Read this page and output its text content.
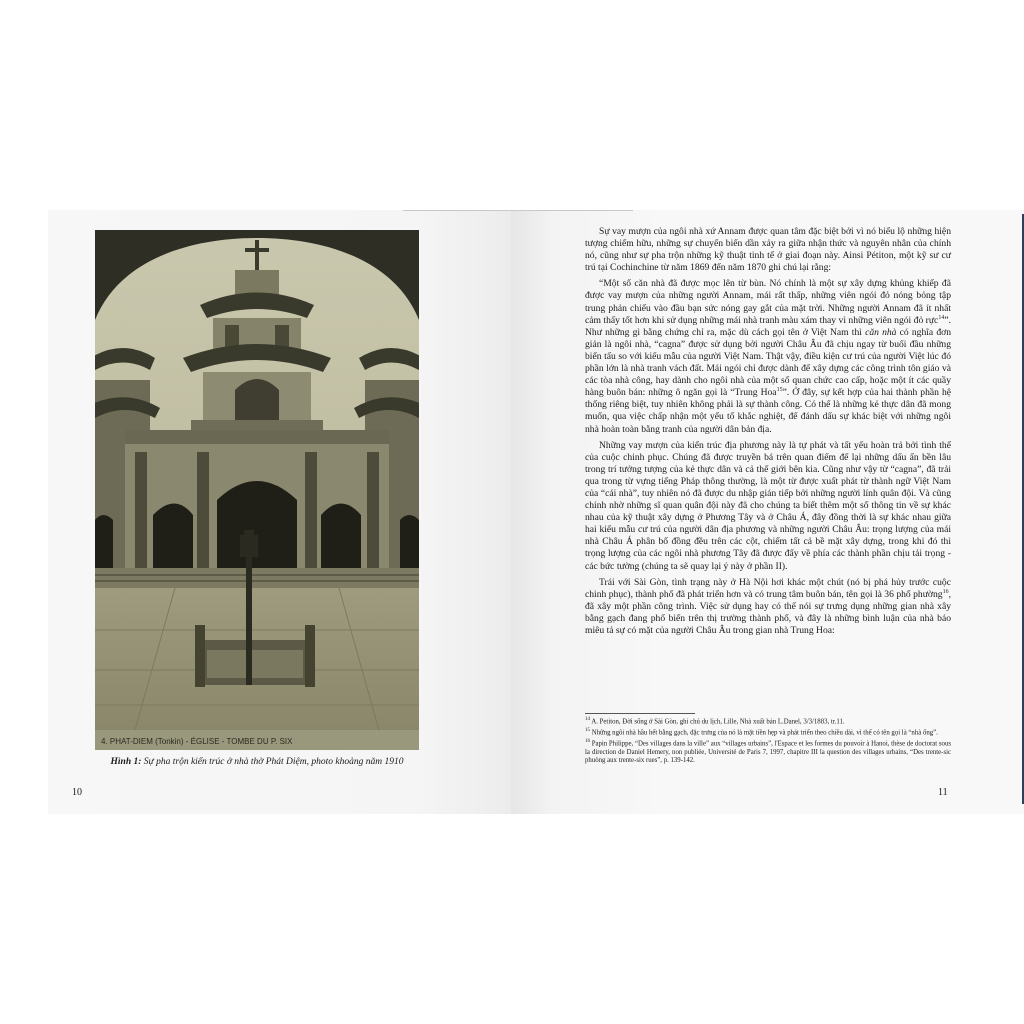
4. PHAT-DIEM (Tonkin) - ÉGLISE - TOMBE DU P. SIX
Hình 1: Sự pha trộn kiến trúc ở nhà thờ Phát Diệm, photo khoảng năm 1910
10

Sự vay mượn của ngôi nhà xứ Annam được quan tâm đặc biệt bởi vì nó biểu lộ những hiện tượng chiếm hữu, những sự chuyển biến dần xảy ra giữa nhận thức và nguyên nhân của chính nó, cũng như sự pha trộn những kỹ thuật tinh tế ở giai đoạn này. Ainsi Pétiton, một kỹ sư cư trú tại Cochinchine từ năm 1869 đến năm 1870 ghi chú lại rằng:

“Một số căn nhà đã được mọc lên từ bùn. Nó chính là một sự xây dựng khủng khiếp đã được vay mượn của những người Annam, mái rất thấp, những viên ngói đỏ nóng bỏng tập trung phản chiếu vào đầu bạn sức nóng gay gắt của mặt trời. Những người Annam đã ít nhất cảm thấy tốt hơn khi sử dụng những mái nhà tranh màu xám thay vì những viên ngói đỏ rực$^{14}$”. Như những gì bằng chứng chỉ ra, mặc dù cách gọi tên ở Việt Nam thì căn nhà có nghĩa đơn giản là ngôi nhà, “cagna” được sử dụng bởi người Châu Âu đã chịu ngay từ buổi đầu những biến tấu so với kiểu mẫu của người Việt Nam. Thật vậy, điều kiện cư trú của người Việt lúc đó phần lớn là nhà tranh vách đất. Mái ngói chỉ được dành để xây dựng các công trình tôn giáo và các tòa nhà công, hay dành cho ngôi nhà của một số quan chức cao cấp, hoặc một ít các quầy hàng buôn bán: những ô ngăn gọi là “Trung Hoa$^{15}$”. Ở đây, sự kết hợp của hai thành phần hệ thống riêng biệt, tuy nhiên không phải là sự thành công. Có thể là những kẻ thực dân đã mong muốn, qua việc chấp nhận một yếu tố khắc nghiệt, để đánh dấu sự khác biệt với những ngôi nhà hoàn toàn bằng tranh của người dân bản địa.

Những vay mượn của kiến trúc địa phương này là tự phát và tất yếu hoàn trả bởi tình thế của cuộc chinh phục. Chúng đã được truyền bá trên quan điểm để lại những dấu ấn bền lâu trong trí tưởng tượng của kẻ thực dân và cả thế giới bên kia. Cũng như vậy từ “cagna”, đã trải qua trong từ vựng tiếng Pháp thông thường, là một từ được xuất phát từ thành ngữ Việt Nam của “cái nhà”, tuy nhiên nó đã được du nhập gián tiếp bởi những người lính quân đội. Và cũng chính nhờ những sĩ quan quân đội này đã cho chúng ta biết thêm một số thông tin về sự khác nhau của kỹ thuật xây dựng ở Phương Tây và ở Châu Á, đây đồng thời là sự khác nhau giữa hai kiểu mẫu cư trú của người dân địa phương và những người Châu Âu: trọng lượng của mái nhà Châu Á phân bố đồng đều trên các cột, chiếm tất cả bề mặt xây dựng, trong khi đó thì trọng lượng của các ngôi nhà phương Tây đã được đẩy về phía các thành phần chịu tải trọng - các bức tường (chúng ta sẽ quay lại ý này ở phần II).

Trái với Sài Gòn, tình trạng này ở Hà Nội hơi khác một chút (nó bị phá hủy trước cuộc chinh phục), thành phố đã phát triển hơn và có trung tâm buôn bán, tên gọi là 36 phố phường$^{16}$, đã xây một phần công trình. Việc sử dụng hay có thể nói sự trưng dụng những gian nhà xây bằng gạch đang phổ biến trên thị trường thành phố, và đây là những bình luận của nhà báo miêu tả sự có mặt của người Châu Âu trong gian nhà Trung Hoa:

$^{14}$ A. Petiton, Đời sống ở Sài Gòn, ghi chú du lịch, Lille, Nhà xuất bản L.Danel, 3/3/1883, tr.11.
$^{15}$ Những ngôi nhà hầu hết bằng gạch, đặc trưng của nó là mặt tiền hẹp và phát triển theo chiều dài, vì thế có tên gọi là “nhà ống”.
$^{16}$ Papin Philippe, “Des villages dans la ville” aux “villages urbains”, l'Espace et les formes du pouvoir à Hanoi, thèse de doctorat sous la direction de Daniel Hemery, non publiée, Université de Paris 7, 1997, chapitre III la question des villages urbains, “Des trente-sic phuòng aux trente-six rues”, p. 139-142.
11
